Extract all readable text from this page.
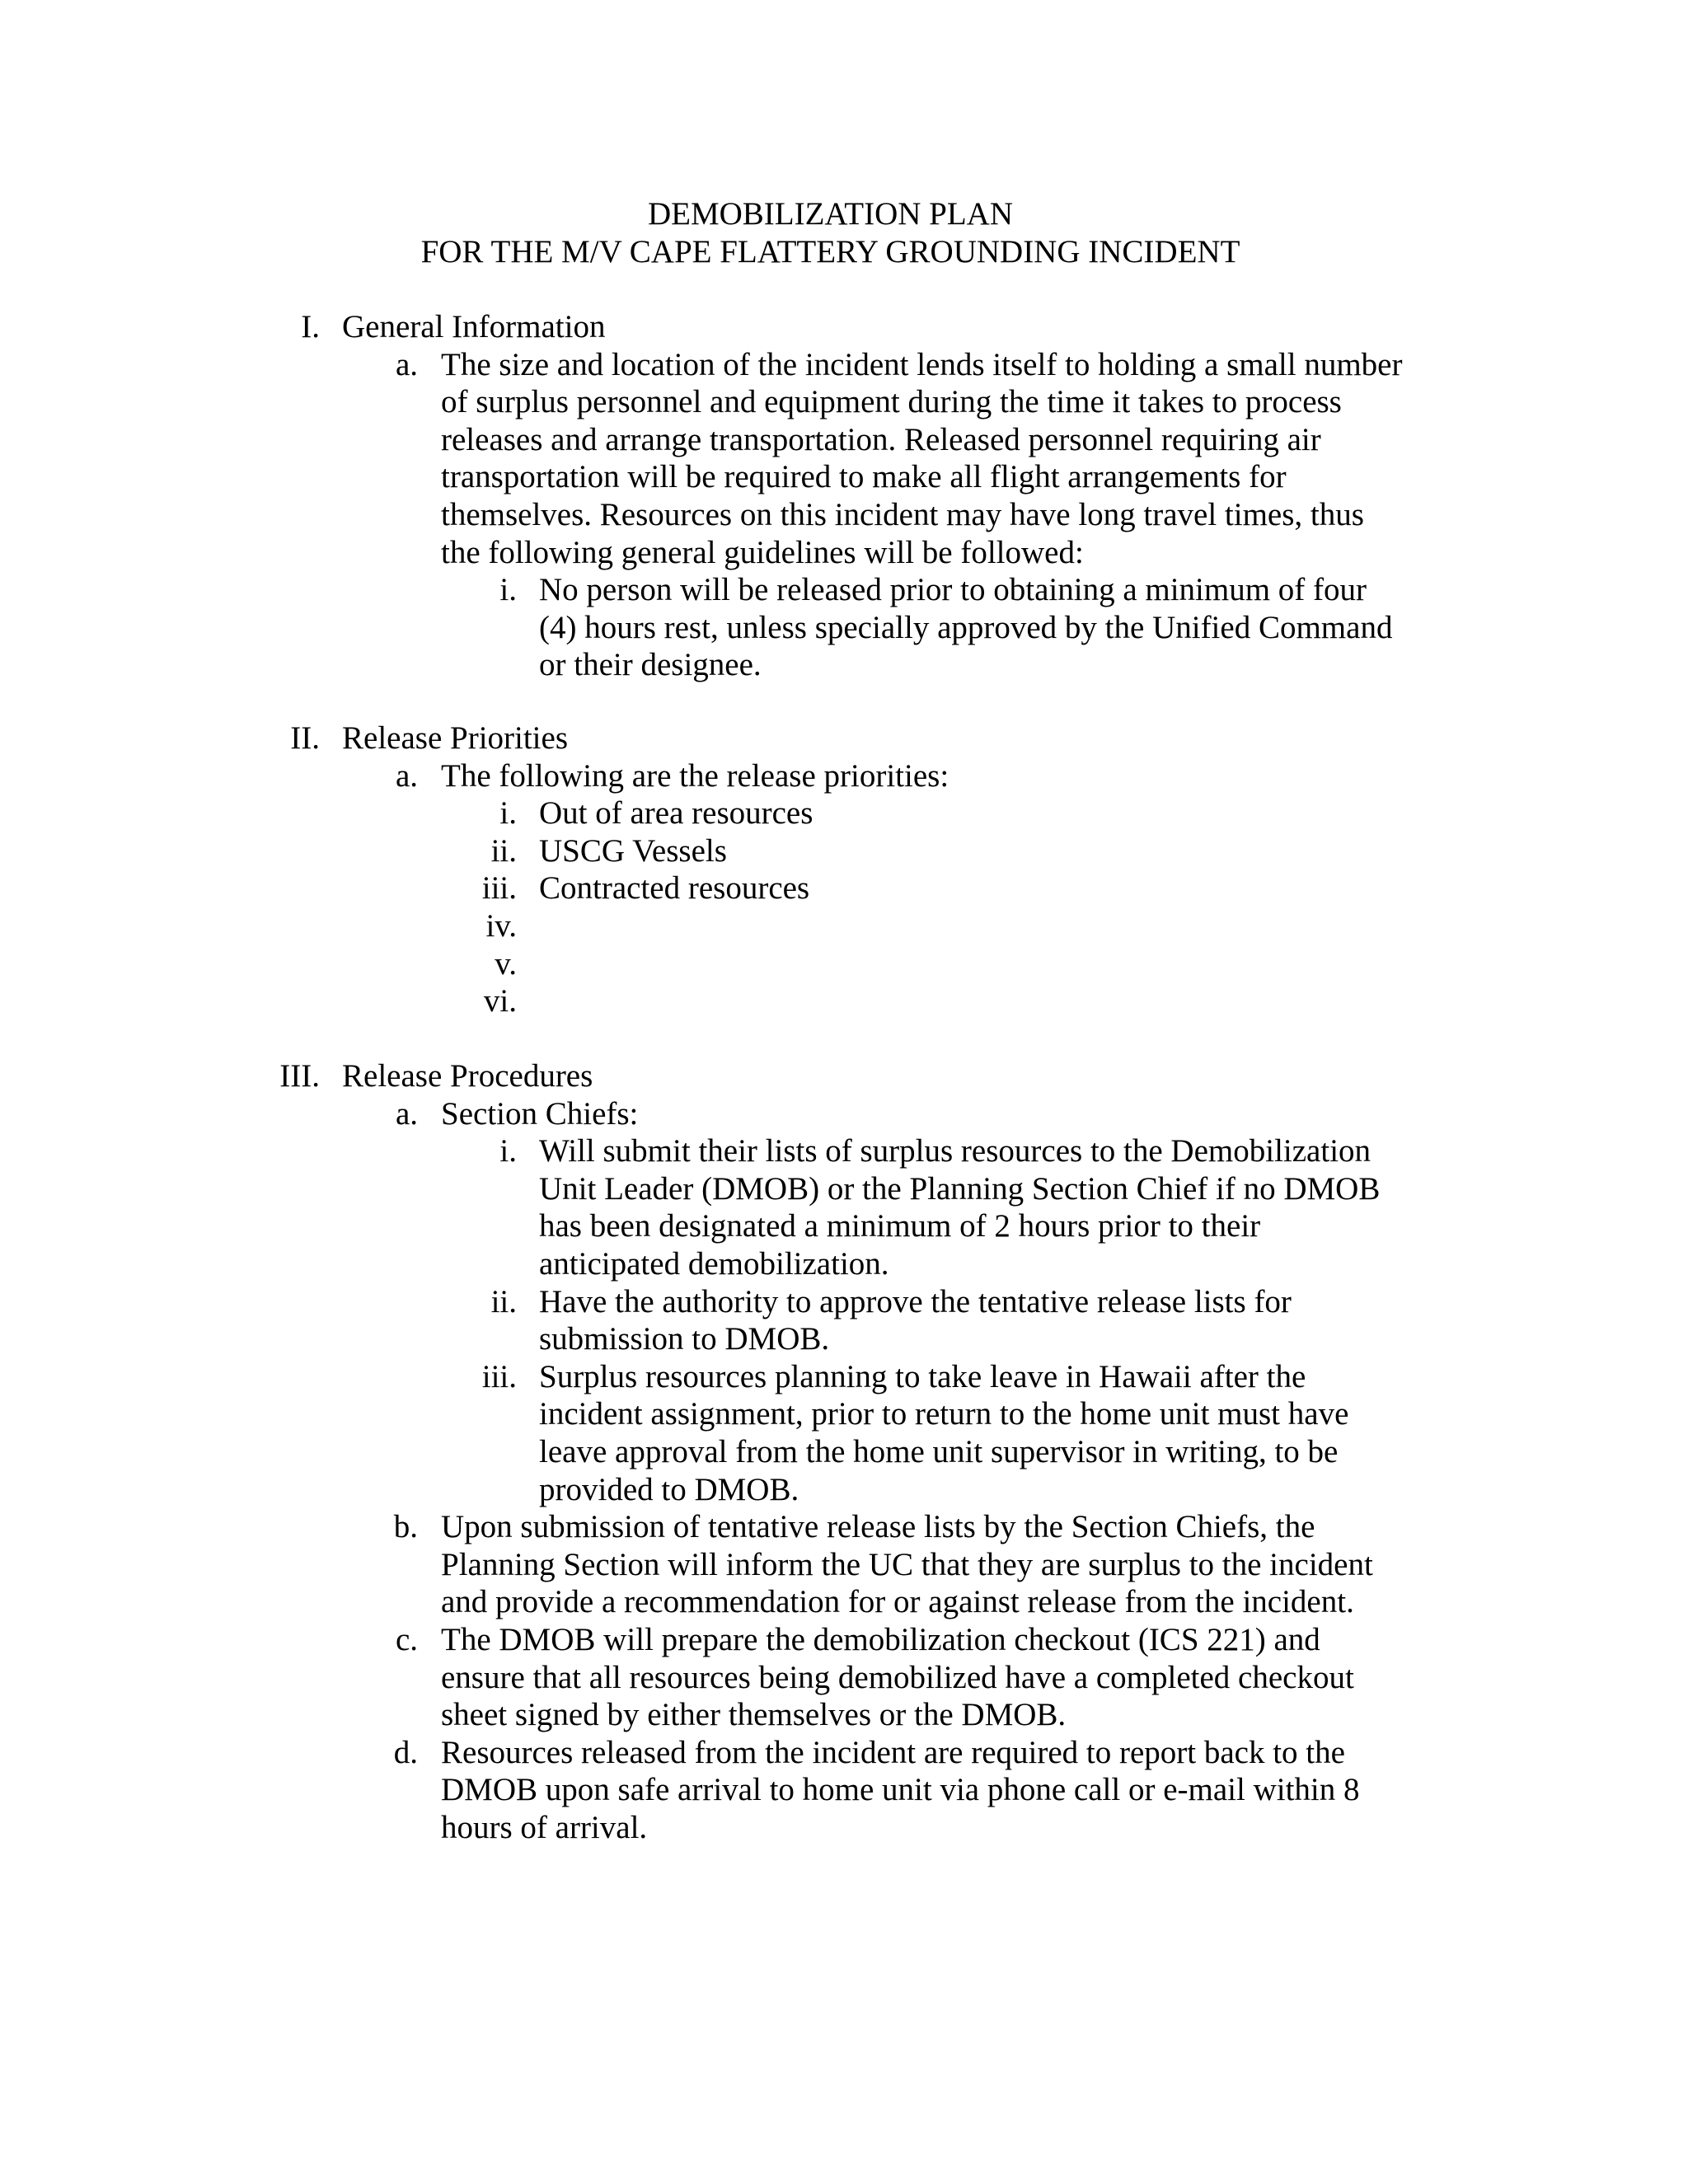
DEMOBILIZATION PLAN
FOR THE M/V CAPE FLATTERY GROUNDING INCIDENT
I. General Information
a. The size and location of the incident lends itself to holding a small number
of surplus personnel and equipment during the time it takes to process
releases and arrange transportation. Released personnel requiring air
transportation will be required to make all flight arrangements for
themselves. Resources on this incident may have long travel times, thus
the following general guidelines will be followed:
i. No person will be released prior to obtaining a minimum of four
(4) hours rest, unless specially approved by the Unified Command
or their designee.
II. Release Priorities
a. The following are the release priorities:
i. Out of area resources
ii. USCG Vessels
iii. Contracted resources
iv.
v.
vi.
III. Release Procedures
a. Section Chiefs:
i. Will submit their lists of surplus resources to the Demobilization
Unit Leader (DMOB) or the Planning Section Chief if no DMOB
has been designated a minimum of 2 hours prior to their
anticipated demobilization.
ii. Have the authority to approve the tentative release lists for
submission to DMOB.
iii. Surplus resources planning to take leave in Hawaii after the
incident assignment, prior to return to the home unit must have
leave approval from the home unit supervisor in writing, to be
provided to DMOB.
b. Upon submission of tentative release lists by the Section Chiefs, the
Planning Section will inform the UC that they are surplus to the incident
and provide a recommendation for or against release from the incident.
c. The DMOB will prepare the demobilization checkout (ICS 221) and
ensure that all resources being demobilized have a completed checkout
sheet signed by either themselves or the DMOB.
d. Resources released from the incident are required to report back to the
DMOB upon safe arrival to home unit via phone call or e-mail within 8
hours of arrival.
